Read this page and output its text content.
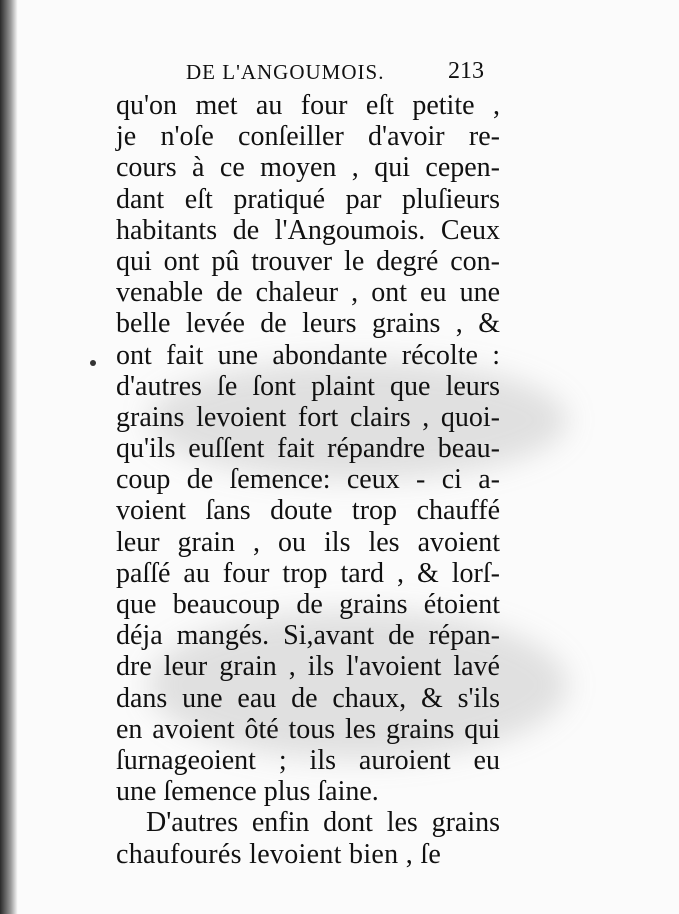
DE L'ANGOUMOIS.	213
qu'on met au four eſt petite ,
je n'oſe conſeiller d'avoir re-
cours à ce moyen , qui cepen-
dant eſt pratiqué par pluſieurs
habitants de l'Angoumois. Ceux
qui ont pû trouver le degré con-
venable de chaleur , ont eu une
belle levée de leurs grains , &
ont fait une abondante récolte :
d'autres ſe ſont plaint que leurs
grains levoient fort clairs , quoi-
qu'ils euſſent fait répandre beau-
coup de ſemence: ceux - ci a-
voient ſans doute trop chauffé
leur grain , ou ils les avoient
paſſé au four trop tard , & lorſ-
que beaucoup de grains étoient
déja mangés. Si,avant de répan-
dre leur grain , ils l'avoient lavé
dans une eau de chaux, & s'ils
en avoient ôté tous les grains qui
ſurnageoient ; ils auroient eu
une ſemence plus ſaine.
D'autres enfin dont les grains
chaufourés levoient bien , ſe
